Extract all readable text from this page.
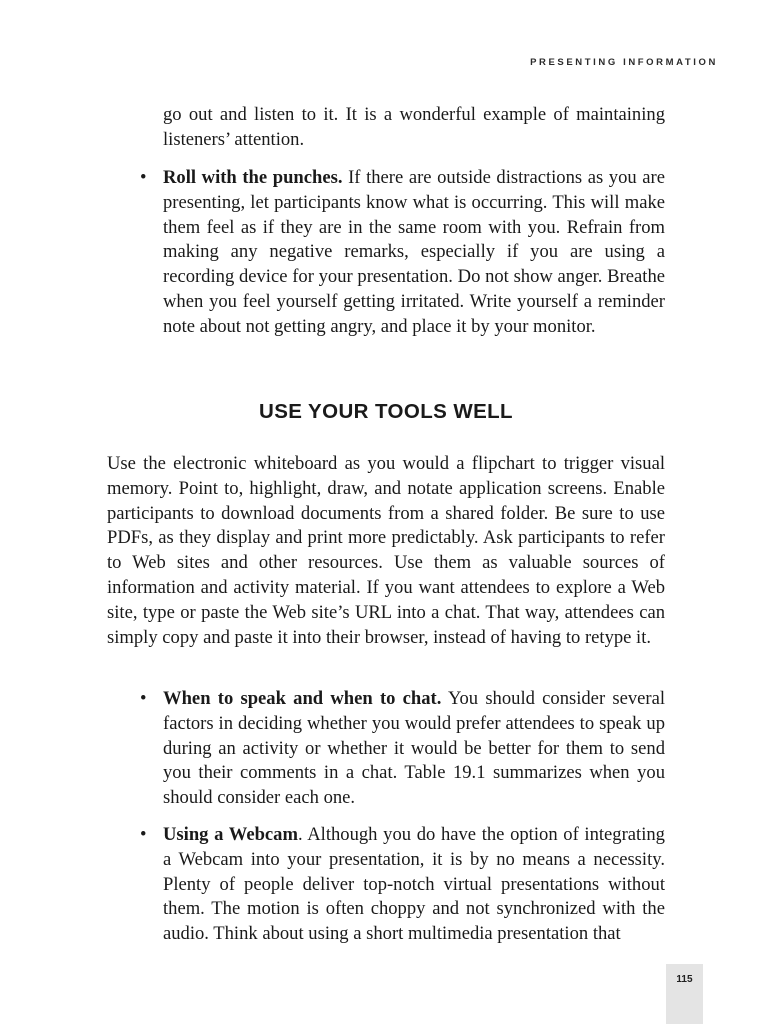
PRESENTING INFORMATION

go out and listen to it. It is a wonderful example of maintaining listeners’ attention.

• Roll with the punches. If there are outside distractions as you are presenting, let participants know what is occurring. This will make them feel as if they are in the same room with you. Refrain from making any negative remarks, especially if you are using a recording device for your presentation. Do not show anger. Breathe when you feel yourself getting irritated. Write yourself a reminder note about not getting angry, and place it by your monitor.

USE YOUR TOOLS WELL

Use the electronic whiteboard as you would a flipchart to trigger visual memory. Point to, highlight, draw, and notate application screens. Enable participants to download documents from a shared folder. Be sure to use PDFs, as they display and print more predictably. Ask participants to refer to Web sites and other resources. Use them as valuable sources of information and activity material. If you want attendees to explore a Web site, type or paste the Web site’s URL into a chat. That way, attendees can simply copy and paste it into their browser, instead of having to retype it.

• When to speak and when to chat. You should consider several factors in deciding whether you would prefer attendees to speak up during an activity or whether it would be better for them to send you their comments in a chat. Table 19.1 summarizes when you should consider each one.

• Using a Webcam. Although you do have the option of integrating a Webcam into your presentation, it is by no means a necessity. Plenty of people deliver top-notch virtual presentations without them. The motion is often choppy and not synchronized with the audio. Think about using a short multimedia presentation that

115
